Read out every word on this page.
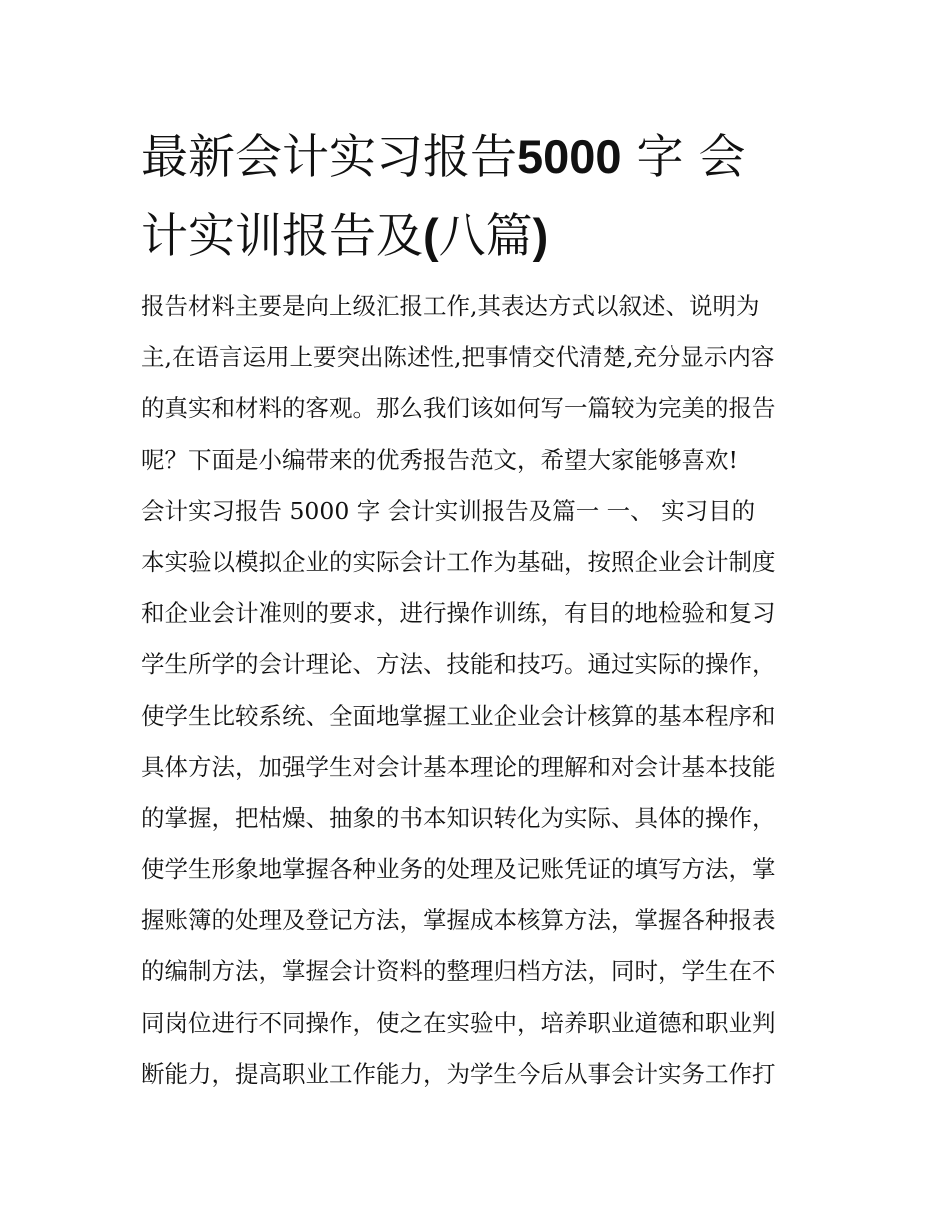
最新会计实习报告5000 字 会
计实训报告及(八篇)
报告材料主要是向上级汇报工作,其表达方式以叙述、说明为
主,在语言运用上要突出陈述性,把事情交代清楚,充分显示内容
的真实和材料的客观。那么我们该如何写一篇较为完美的报告
呢？下面是小编带来的优秀报告范文，希望大家能够喜欢!
会计实习报告 5000 字 会计实训报告及篇一 一、 实习目的
本实验以模拟企业的实际会计工作为基础，按照企业会计制度
和企业会计准则的要求，进行操作训练，有目的地检验和复习
学生所学的会计理论、方法、技能和技巧。通过实际的操作，
使学生比较系统、全面地掌握工业企业会计核算的基本程序和
具体方法，加强学生对会计基本理论的理解和对会计基本技能
的掌握，把枯燥、抽象的书本知识转化为实际、具体的操作，
使学生形象地掌握各种业务的处理及记账凭证的填写方法，掌
握账簿的处理及登记方法，掌握成本核算方法，掌握各种报表
的编制方法，掌握会计资料的整理归档方法，同时，学生在不
同岗位进行不同操作，使之在实验中，培养职业道德和职业判
断能力，提高职业工作能力，为学生今后从事会计实务工作打
